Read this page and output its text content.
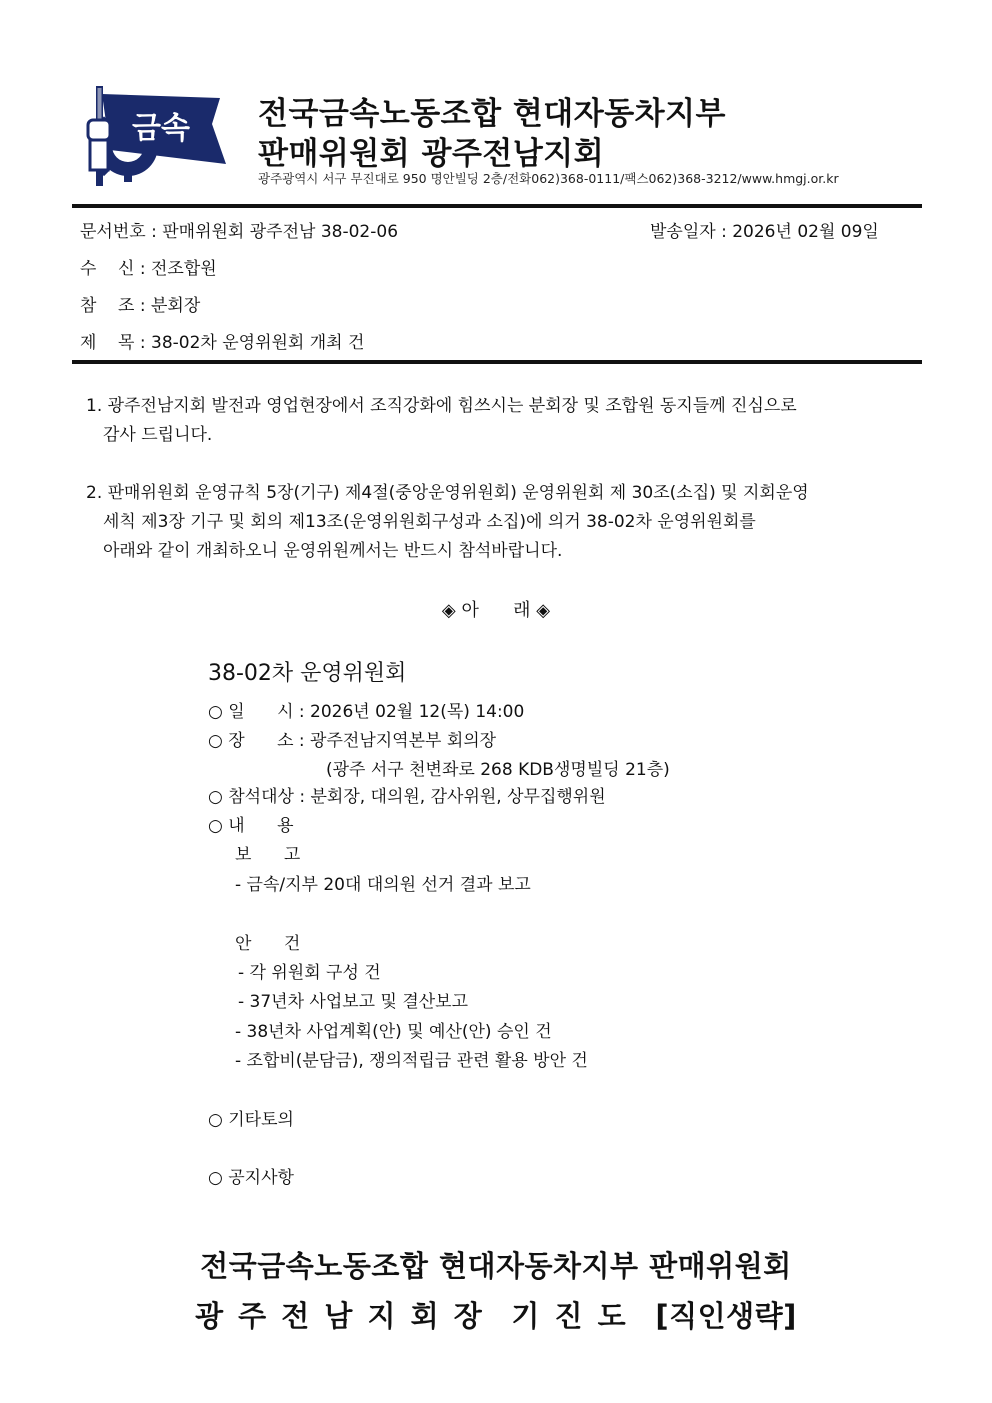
금속 전국금속노동조합 현대자동차지부
판매위원회 광주전남지회
광주광역시 서구 무진대로 950 명안빌딩 2층/전화062)368-0111/팩스062)368-3212/www.hmgj.or.kr
문서번호 : 판매위원회 광주전남 38-02-06	발송일자 : 2026년 02월 09일
수    신 : 전조합원
참    조 : 분회장
제    목 : 38-02차 운영위원회 개최 건
1. 광주전남지회 발전과 영업현장에서 조직강화에 힘쓰시는 분회장 및 조합원 동지들께 진심으로
감사 드립니다.
2. 판매위원회 운영규칙 5장(기구) 제4절(중앙운영위원회) 운영위원회 제 30조(소집) 및 지회운영
세칙 제3장 기구 및 회의 제13조(운영위원회구성과 소집)에 의거 38-02차 운영위원회를
아래와 같이 개최하오니 운영위원께서는 반드시 참석바랍니다.
◈ 아      래 ◈
38-02차 운영위원회
○ 일      시 : 2026년 02월 12(목) 14:00
○ 장      소 : 광주전남지역본부 회의장
(광주 서구 천변좌로 268 KDB생명빌딩 21층)
○ 참석대상 : 분회장, 대의원, 감사위원, 상무집행위원
○ 내      용
보      고
- 금속/지부 20대 대의원 선거 결과 보고
안      건
- 각 위원회 구성 건
- 37년차 사업보고 및 결산보고
- 38년차 사업계획(안) 및 예산(안) 승인 건
- 조합비(분담금), 쟁의적립금 관련 활용 방안 건
○ 기타토의
○ 공지사항
전국금속노동조합 현대자동차지부 판매위원회
광 주 전 남 지 회 장  기 진 도  [직인생략]
